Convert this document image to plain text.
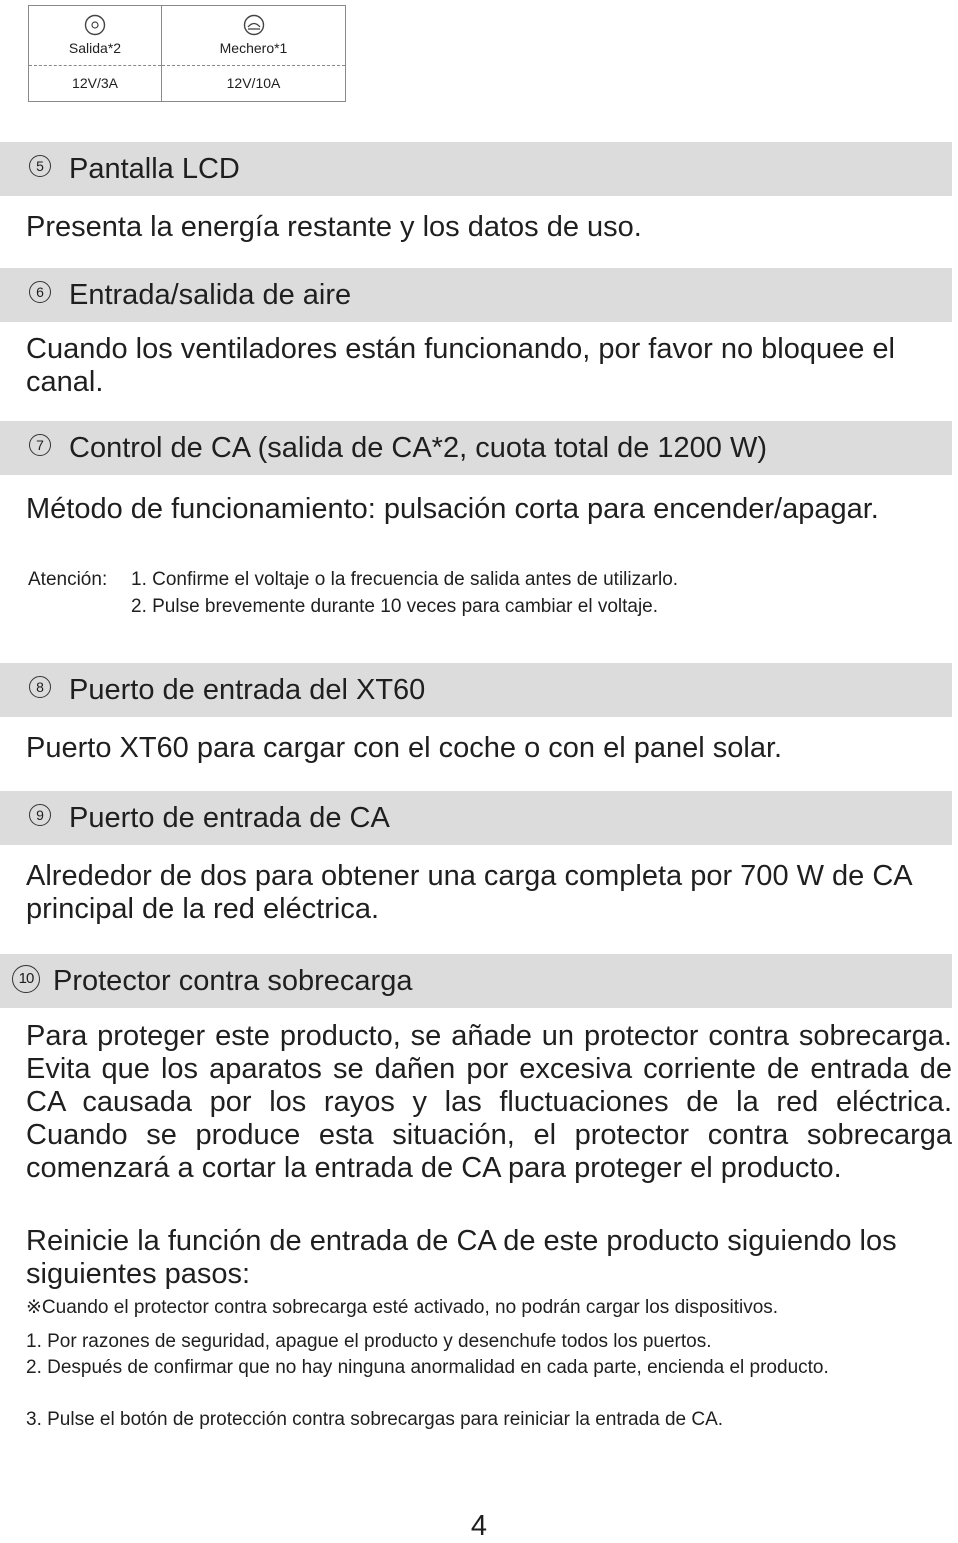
Salida*2
12V/3A
Mechero*1
12V/10A
5 Pantalla LCD

Presenta la energía restante y los datos de uso.

6 Entrada/salida de aire

Cuando los ventiladores están funcionando, por favor no bloquee el canal.

7 Control de CA (salida de CA*2, cuota total de 1200 W)

Método de funcionamiento: pulsación corta para encender/apagar.

Atención: 1. Confirme el voltaje o la frecuencia de salida antes de utilizarlo.

2. Pulse brevemente durante 10 veces para cambiar el voltaje.

8 Puerto de entrada del XT60

Puerto XT60 para cargar con el coche o con el panel solar.

9 Puerto de entrada de CA

Alrededor de dos para obtener una carga completa por 700 W de CA principal de la red eléctrica.

10 Protector contra sobrecarga

Para proteger este producto, se añade un protector contra sobrecarga. Evita que los aparatos se dañen por excesiva corriente de entrada de CA causada por los rayos y las fluctuaciones de la red eléctrica. Cuando se produce esta situación, el protector contra sobrecarga comenzará a cortar la entrada de CA para proteger el producto.

Reinicie la función de entrada de CA de este producto siguiendo los siguientes pasos:

※Cuando el protector contra sobrecarga esté activado, no podrán cargar los dispositivos.

1. Por razones de seguridad, apague el producto y desenchufe todos los puertos.

2. Después de confirmar que no hay ninguna anormalidad en cada parte, encienda el producto.

3. Pulse el botón de protección contra sobrecargas para reiniciar la entrada de CA.

4
